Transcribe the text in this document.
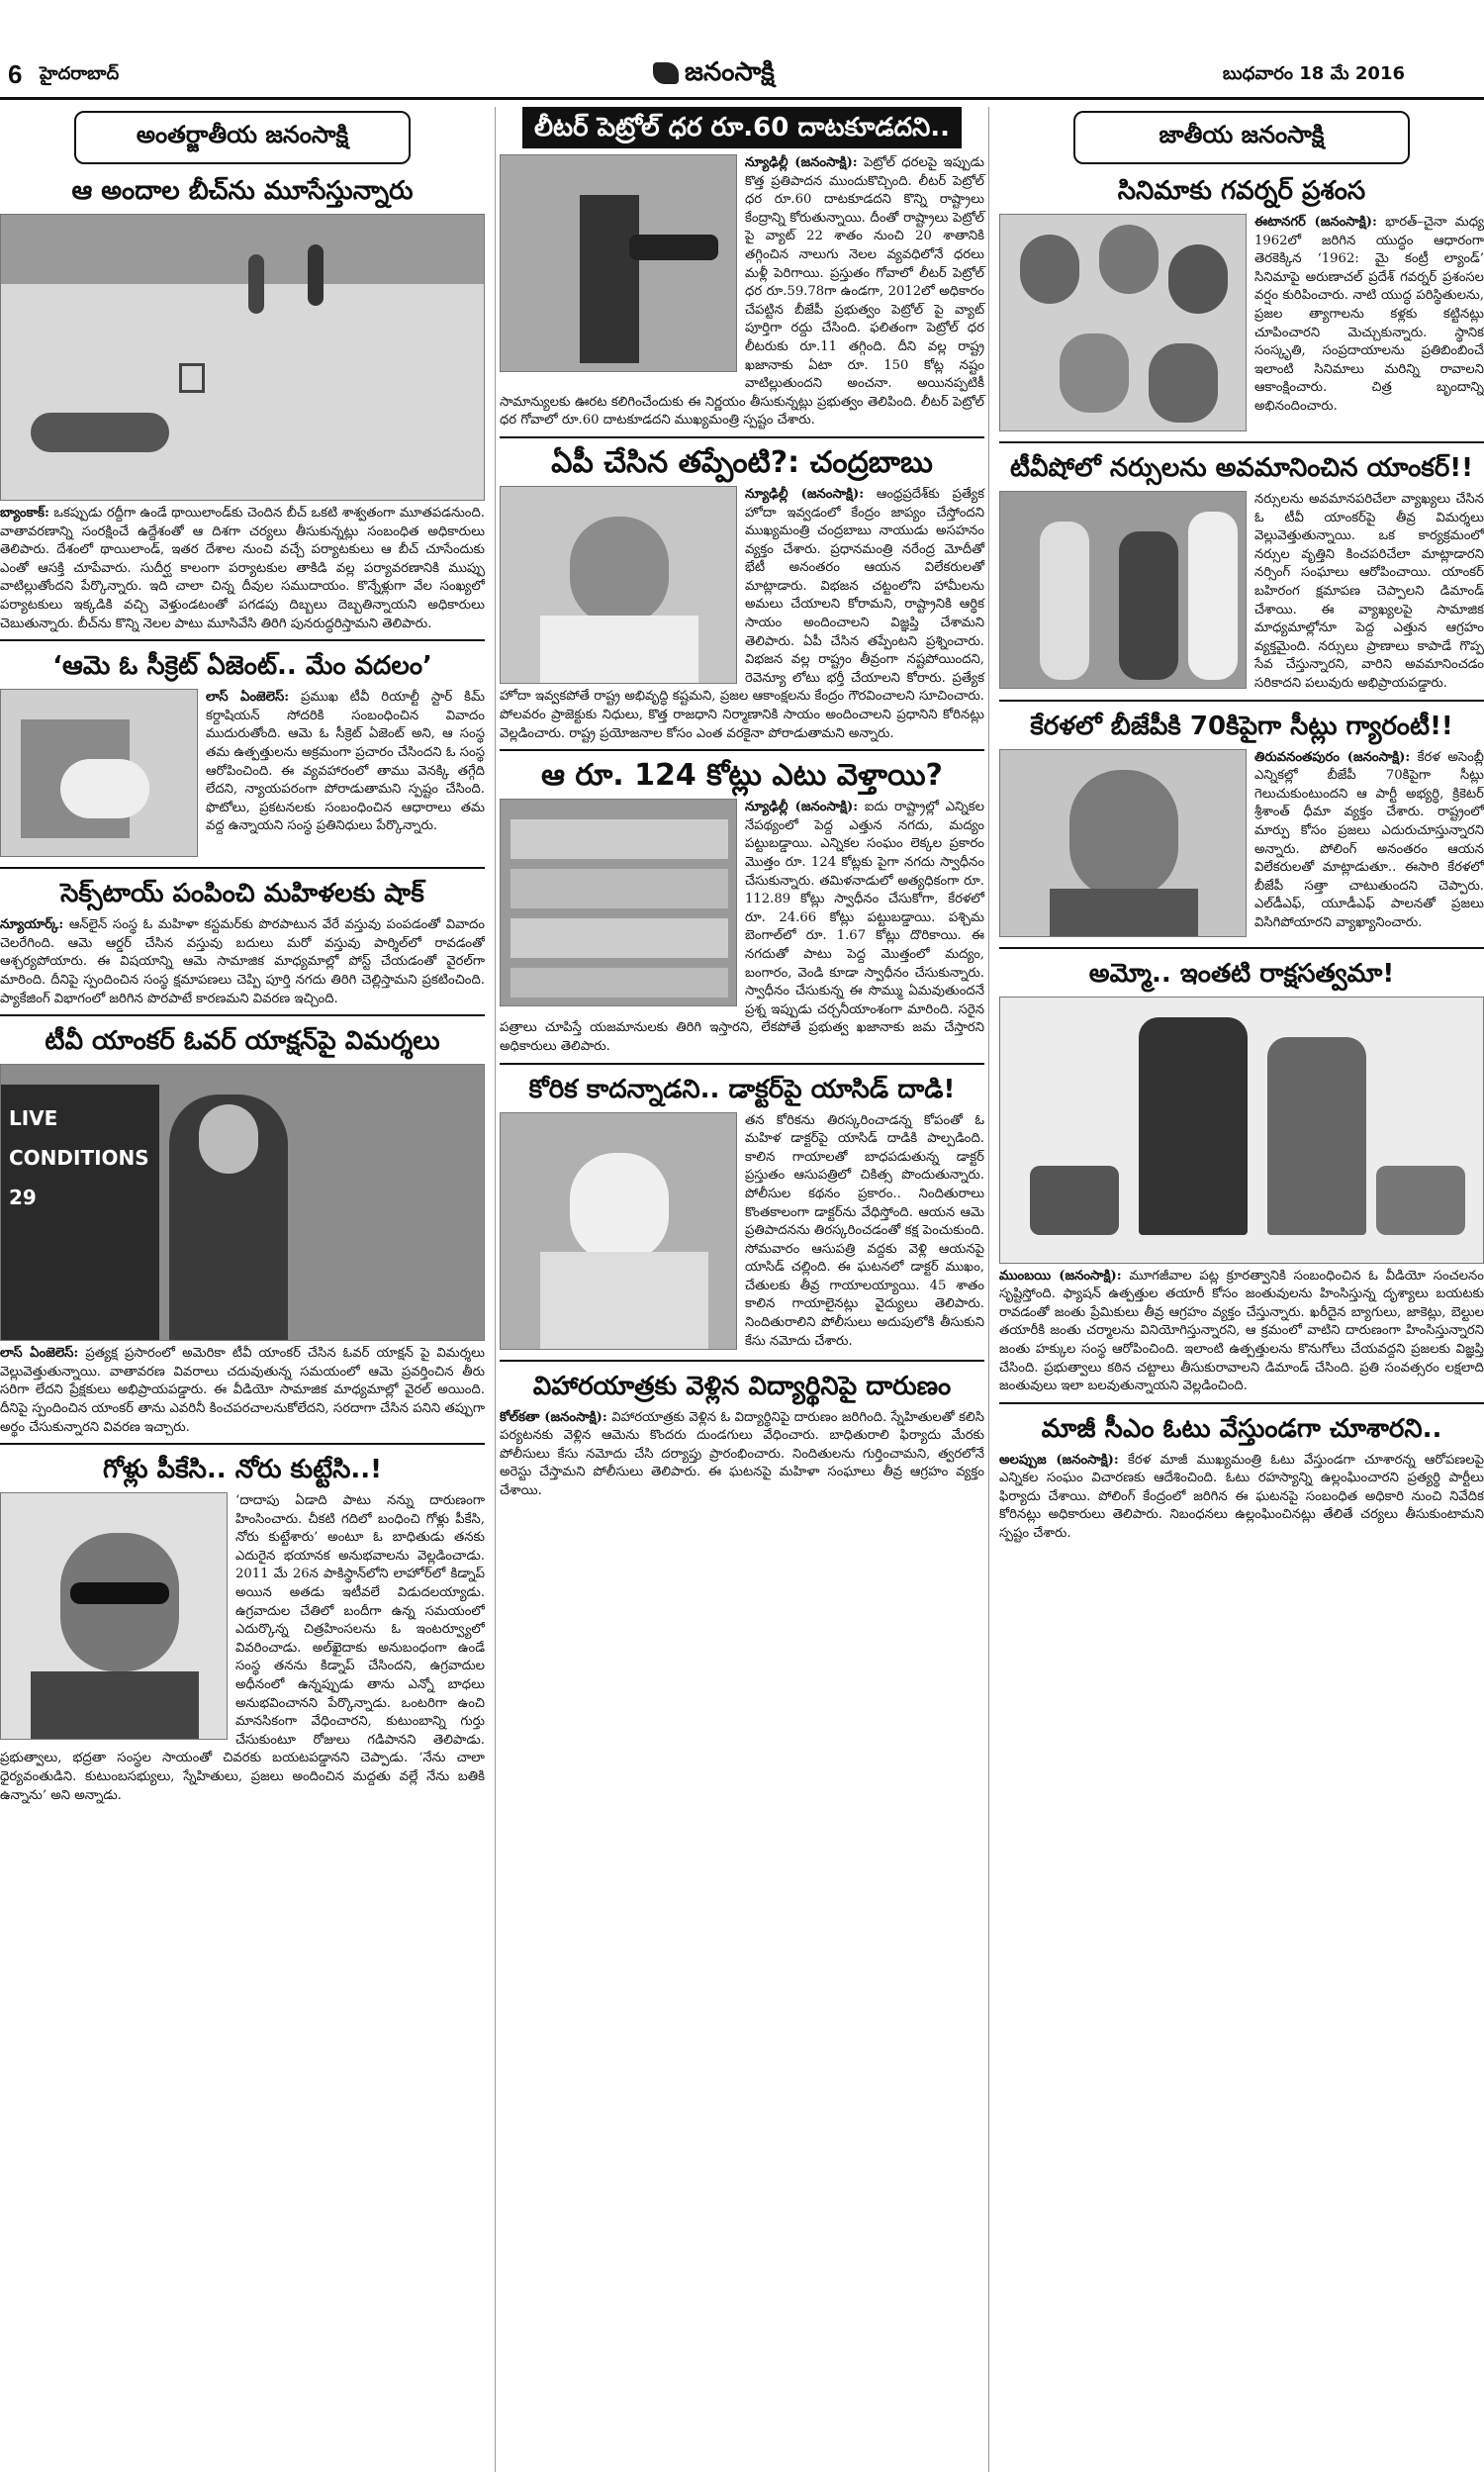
6 హైదరాబాద్	జనంసాక్షి	బుధవారం 18 మే 2016
అంతర్జాతీయ జనంసాక్షి
ఆ అందాల బీచ్‌ను మూసేస్తున్నారు
బ్యాంకాక్‌: ఒకప్పుడు రద్దీగా ఉండే థాయిలాండ్‌కు చెందిన బీచ్‌ ఒకటి శాశ్వతంగా మూతపడనుంది. వాతావరణాన్ని సంరక్షించే ఉద్దేశంతో ఆ దిశగా చర్యలు తీసుకున్నట్లు సంబంధిత అధికారులు తెలిపారు. దేశంలో థాయిలాండ్‌, ఇతర దేశాల నుంచి వచ్చే పర్యాటకులు ఆ బీచ్‌ చూసేందుకు ఎంతో ఆసక్తి చూపేవారు. సుదీర్ఘ కాలంగా పర్యాటకుల తాకిడి వల్ల పర్యావరణానికి ముప్పు వాటిల్లుతోందని పేర్కొన్నారు. ఇది చాలా చిన్న దీవుల సముదాయం. కొన్నేళ్లుగా వేల సంఖ్యలో పర్యాటకులు ఇక్కడికి వచ్చి వెళ్తుండటంతో పగడపు దిబ్బలు దెబ్బతిన్నాయని అధికారులు చెబుతున్నారు. బీచ్‌ను కొన్ని నెలల పాటు మూసివేసి తిరిగి పునరుద్ధరిస్తామని తెలిపారు.
‘ఆమె ఓ సీక్రెట్‌ ఏజెంట్‌.. మేం వదలం’
లాస్‌ ఏంజెలెస్‌: ప్రముఖ టీవీ రియాల్టీ స్టార్‌ కిమ్‌ కర్దాషియన్‌ సోదరికి సంబంధించిన వివాదం ముదురుతోంది. ఆమె ఓ సీక్రెట్‌ ఏజెంట్‌ అని, ఆ సంస్థ తమ ఉత్పత్తులను అక్రమంగా ప్రచారం చేసిందని ఓ సంస్థ ఆరోపించింది. ఈ వ్యవహారంలో తాము వెనక్కి తగ్గేది లేదని, న్యాయపరంగా పోరాడుతామని స్పష్టం చేసింది. ఫొటోలు, ప్రకటనలకు సంబంధించిన ఆధారాలు తమ వద్ద ఉన్నాయని సంస్థ ప్రతినిధులు పేర్కొన్నారు.
సెక్స్‌టాయ్‌ పంపించి మహిళలకు షాక్‌
న్యూయార్క్‌: ఆన్‌లైన్‌ సంస్థ ఓ మహిళా కస్టమర్‌కు పొరపాటున వేరే వస్తువు పంపడంతో వివాదం చెలరేగింది. ఆమె ఆర్డర్‌ చేసిన వస్తువు బదులు మరో వస్తువు పార్శిల్‌లో రావడంతో ఆశ్చర్యపోయారు. ఈ విషయాన్ని ఆమె సామాజిక మాధ్యమాల్లో పోస్ట్‌ చేయడంతో వైరల్‌గా మారింది. దీనిపై స్పందించిన సంస్థ క్షమాపణలు చెప్పి పూర్తి నగదు తిరిగి చెల్లిస్తామని ప్రకటించింది. ప్యాకేజింగ్‌ విభాగంలో జరిగిన పొరపాటే కారణమని వివరణ ఇచ్చింది.
టీవీ యాంకర్‌ ఓవర్‌ యాక్షన్‌పై విమర్శలు
LIVE CONDITIONS 29
లాస్‌ ఏంజెలెస్‌: ప్రత్యక్ష ప్రసారంలో అమెరికా టీవీ యాంకర్‌ చేసిన ఓవర్‌ యాక్షన్‌ పై విమర్శలు వెల్లువెత్తుతున్నాయి. వాతావరణ వివరాలు చదువుతున్న సమయంలో ఆమె ప్రవర్తించిన తీరు సరిగా లేదని ప్రేక్షకులు అభిప్రాయపడ్డారు. ఈ వీడియో సామాజిక మాధ్యమాల్లో వైరల్‌ అయింది. దీనిపై స్పందించిన యాంకర్‌ తాను ఎవరినీ కించపరచాలనుకోలేదని, సరదాగా చేసిన పనిని తప్పుగా అర్థం చేసుకున్నారని వివరణ ఇచ్చారు.
గోళ్లు పీకేసి.. నోరు కుట్టేసి..!
‘దాదాపు ఏడాది పాటు నన్ను దారుణంగా హింసించారు. చీకటి గదిలో బంధించి గోళ్లు పీకేసి, నోరు కుట్టేశారు’ అంటూ ఓ బాధితుడు తనకు ఎదురైన భయానక అనుభవాలను వెల్లడించాడు. 2011 మే 26న పాకిస్థాన్‌లోని లాహోర్‌లో కిడ్నాప్‌ అయిన అతడు ఇటీవలే విడుదలయ్యాడు. ఉగ్రవాదుల చేతిలో బందీగా ఉన్న సమయంలో ఎదుర్కొన్న చిత్రహింసలను ఓ ఇంటర్వ్యూలో వివరించాడు. అల్‌ఖైదాకు అనుబంధంగా ఉండే సంస్థ తనను కిడ్నాప్‌ చేసిందని, ఉగ్రవాదుల అధీనంలో ఉన్నప్పుడు తాను ఎన్నో బాధలు అనుభవించానని పేర్కొన్నాడు. ఒంటరిగా ఉంచి మానసికంగా వేధించారని, కుటుంబాన్ని గుర్తు చేసుకుంటూ రోజులు గడిపానని తెలిపాడు. ప్రభుత్వాలు, భద్రతా సంస్థల సాయంతో చివరకు బయటపడ్డానని చెప్పాడు. ‘నేను చాలా ధైర్యవంతుడిని. కుటుంబసభ్యులు, స్నేహితులు, ప్రజలు అందించిన మద్దతు వల్లే నేను బతికి ఉన్నాను’ అని అన్నాడు.
లీటర్‌ పెట్రోల్‌ ధర రూ.60 దాటకూడదని..
న్యూఢిల్లీ (జనంసాక్షి): పెట్రోల్‌ ధరలపై ఇప్పుడు కొత్త ప్రతిపాదన ముందుకొచ్చింది. లీటర్‌ పెట్రోల్‌ ధర రూ.60 దాటకూడదని కొన్ని రాష్ట్రాలు కేంద్రాన్ని కోరుతున్నాయి. దీంతో రాష్ట్రాలు పెట్రోల్‌ పై వ్యాట్‌ 22 శాతం నుంచి 20 శాతానికి తగ్గించిన నాలుగు నెలల వ్యవధిలోనే ధరలు మళ్లీ పెరిగాయి. ప్రస్తుతం గోవాలో లీటర్‌ పెట్రోల్‌ ధర రూ.59.78గా ఉండగా, 2012లో అధికారం చేపట్టిన బీజేపీ ప్రభుత్వం పెట్రోల్‌ పై వ్యాట్‌ పూర్తిగా రద్దు చేసింది. ఫలితంగా పెట్రోల్‌ ధర లీటరుకు రూ.11 తగ్గింది. దీని వల్ల రాష్ట్ర ఖజానాకు ఏటా రూ. 150 కోట్ల నష్టం వాటిల్లుతుందని అంచనా. అయినప్పటికీ సామాన్యులకు ఊరట కలిగించేందుకు ఈ నిర్ణయం తీసుకున్నట్లు ప్రభుత్వం తెలిపింది. లీటర్‌ పెట్రోల్‌ ధర గోవాలో రూ.60 దాటకూడదని ముఖ్యమంత్రి స్పష్టం చేశారు.
ఏపీ చేసిన తప్పేంటి?: చంద్రబాబు
న్యూఢిల్లీ (జనంసాక్షి): ఆంధ్రప్రదేశ్‌కు ప్రత్యేక హోదా ఇవ్వడంలో కేంద్రం జాప్యం చేస్తోందని ముఖ్యమంత్రి చంద్రబాబు నాయుడు అసహనం వ్యక్తం చేశారు. ప్రధానమంత్రి నరేంద్ర మోదీతో భేటీ అనంతరం ఆయన విలేకరులతో మాట్లాడారు. విభజన చట్టంలోని హామీలను అమలు చేయాలని కోరామని, రాష్ట్రానికి ఆర్థిక సాయం అందించాలని విజ్ఞప్తి చేశామని తెలిపారు. ఏపీ చేసిన తప్పేంటని ప్రశ్నించారు. విభజన వల్ల రాష్ట్రం తీవ్రంగా నష్టపోయిందని, రెవెన్యూ లోటు భర్తీ చేయాలని కోరారు. ప్రత్యేక హోదా ఇవ్వకపోతే రాష్ట్ర అభివృద్ధి కష్టమని, ప్రజల ఆకాంక్షలను కేంద్రం గౌరవించాలని సూచించారు. పోలవరం ప్రాజెక్టుకు నిధులు, కొత్త రాజధాని నిర్మాణానికి సాయం అందించాలని ప్రధానిని కోరినట్లు వెల్లడించారు. రాష్ట్ర ప్రయోజనాల కోసం ఎంత వరకైనా పోరాడుతామని అన్నారు.
ఆ రూ. 124 కోట్లు ఎటు వెళ్తాయి?
న్యూఢిల్లీ (జనంసాక్షి): ఐదు రాష్ట్రాల్లో ఎన్నికల నేపథ్యంలో పెద్ద ఎత్తున నగదు, మద్యం పట్టుబడ్డాయి. ఎన్నికల సంఘం లెక్కల ప్రకారం మొత్తం రూ. 124 కోట్లకు పైగా నగదు స్వాధీనం చేసుకున్నారు. తమిళనాడులో అత్యధికంగా రూ. 112.89 కోట్లు స్వాధీనం చేసుకోగా, కేరళలో రూ. 24.66 కోట్లు పట్టుబడ్డాయి. పశ్చిమ బెంగాల్‌లో రూ. 1.67 కోట్లు దొరికాయి. ఈ నగదుతో పాటు పెద్ద మొత్తంలో మద్యం, బంగారం, వెండి కూడా స్వాధీనం చేసుకున్నారు. స్వాధీనం చేసుకున్న ఈ సొమ్ము ఏమవుతుందనే ప్రశ్న ఇప్పుడు చర్చనీయాంశంగా మారింది. సరైన పత్రాలు చూపిస్తే యజమానులకు తిరిగి ఇస్తారని, లేకపోతే ప్రభుత్వ ఖజానాకు జమ చేస్తారని అధికారులు తెలిపారు.
కోరిక కాదన్నాడని.. డాక్టర్‌పై యాసిడ్‌ దాడి!
తన కోరికను తిరస్కరించాడన్న కోపంతో ఓ మహిళ డాక్టర్‌పై యాసిడ్‌ దాడికి పాల్పడింది. కాలిన గాయాలతో బాధపడుతున్న డాక్టర్‌ ప్రస్తుతం ఆసుపత్రిలో చికిత్స పొందుతున్నారు. పోలీసుల కథనం ప్రకారం.. నిందితురాలు కొంతకాలంగా డాక్టర్‌ను వేధిస్తోంది. ఆయన ఆమె ప్రతిపాదనను తిరస్కరించడంతో కక్ష పెంచుకుంది. సోమవారం ఆసుపత్రి వద్దకు వెళ్లి ఆయనపై యాసిడ్‌ చల్లింది. ఈ ఘటనలో డాక్టర్‌ ముఖం, చేతులకు తీవ్ర గాయాలయ్యాయి. 45 శాతం కాలిన గాయాలైనట్లు వైద్యులు తెలిపారు. నిందితురాలిని పోలీసులు అదుపులోకి తీసుకుని కేసు నమోదు చేశారు.
విహారయాత్రకు వెళ్లిన విద్యార్థినిపై దారుణం
కోల్‌కతా (జనంసాక్షి): విహారయాత్రకు వెళ్లిన ఓ విద్యార్థినిపై దారుణం జరిగింది. స్నేహితులతో కలిసి పర్యటనకు వెళ్లిన ఆమెను కొందరు దుండగులు వేధించారు. బాధితురాలి ఫిర్యాదు మేరకు పోలీసులు కేసు నమోదు చేసి దర్యాప్తు ప్రారంభించారు. నిందితులను గుర్తించామని, త్వరలోనే అరెస్టు చేస్తామని పోలీసులు తెలిపారు. ఈ ఘటనపై మహిళా సంఘాలు తీవ్ర ఆగ్రహం వ్యక్తం చేశాయి.
జాతీయ జనంసాక్షి
సినిమాకు గవర్నర్‌ ప్రశంస
ఈటానగర్‌ (జనంసాక్షి): భారత్‌–చైనా మధ్య 1962లో జరిగిన యుద్ధం ఆధారంగా తెరకెక్కిన ‘1962: మై కంట్రీ ల్యాండ్‌’ సినిమాపై అరుణాచల్‌ ప్రదేశ్‌ గవర్నర్‌ ప్రశంసల వర్షం కురిపించారు. నాటి యుద్ధ పరిస్థితులను, ప్రజల త్యాగాలను కళ్లకు కట్టినట్లు చూపించారని మెచ్చుకున్నారు. స్థానిక సంస్కృతి, సంప్రదాయాలను ప్రతిబింబించే ఇలాంటి సినిమాలు మరిన్ని రావాలని ఆకాంక్షించారు. చిత్ర బృందాన్ని అభినందించారు.
టీవీషోలో నర్సులను అవమానించిన యాంకర్‌!!
నర్సులను అవమానపరిచేలా వ్యాఖ్యలు చేసిన ఓ టీవీ యాంకర్‌పై తీవ్ర విమర్శలు వెల్లువెత్తుతున్నాయి. ఒక కార్యక్రమంలో నర్సుల వృత్తిని కించపరిచేలా మాట్లాడారని నర్సింగ్‌ సంఘాలు ఆరోపించాయి. యాంకర్‌ బహిరంగ క్షమాపణ చెప్పాలని డిమాండ్‌ చేశాయి. ఈ వ్యాఖ్యలపై సామాజిక మాధ్యమాల్లోనూ పెద్ద ఎత్తున ఆగ్రహం వ్యక్తమైంది. నర్సులు ప్రాణాలు కాపాడే గొప్ప సేవ చేస్తున్నారని, వారిని అవమానించడం సరికాదని పలువురు అభిప్రాయపడ్డారు.
కేరళలో బీజేపీకి 70కిపైగా సీట్లు గ్యారంటీ!!
తిరువనంతపురం (జనంసాక్షి): కేరళ అసెంబ్లీ ఎన్నికల్లో బీజేపీ 70కిపైగా సీట్లు గెలుచుకుంటుందని ఆ పార్టీ అభ్యర్థి, క్రికెటర్‌ శ్రీశాంత్‌ ధీమా వ్యక్తం చేశారు. రాష్ట్రంలో మార్పు కోసం ప్రజలు ఎదురుచూస్తున్నారని అన్నారు. పోలింగ్‌ అనంతరం ఆయన విలేకరులతో మాట్లాడుతూ.. ఈసారి కేరళలో బీజేపీ సత్తా చాటుతుందని చెప్పారు. ఎల్‌డీఎఫ్‌, యూడీఎఫ్‌ పాలనతో ప్రజలు విసిగిపోయారని వ్యాఖ్యానించారు.
అమ్మో.. ఇంతటి రాక్షసత్వమా!
ముంబయి (జనంసాక్షి): మూగజీవాల పట్ల క్రూరత్వానికి సంబంధించిన ఓ వీడియో సంచలనం సృష్టిస్తోంది. ఫ్యాషన్‌ ఉత్పత్తుల తయారీ కోసం జంతువులను హింసిస్తున్న దృశ్యాలు బయటకు రావడంతో జంతు ప్రేమికులు తీవ్ర ఆగ్రహం వ్యక్తం చేస్తున్నారు. ఖరీదైన బ్యాగులు, జాకెట్లు, బెల్టుల తయారీకి జంతు చర్మాలను వినియోగిస్తున్నారని, ఆ క్రమంలో వాటిని దారుణంగా హింసిస్తున్నారని జంతు హక్కుల సంస్థ ఆరోపించింది. ఇలాంటి ఉత్పత్తులను కొనుగోలు చేయవద్దని ప్రజలకు విజ్ఞప్తి చేసింది. ప్రభుత్వాలు కఠిన చట్టాలు తీసుకురావాలని డిమాండ్‌ చేసింది. ప్రతి సంవత్సరం లక్షలాది జంతువులు ఇలా బలవుతున్నాయని వెల్లడించింది.
మాజీ సీఎం ఓటు వేస్తుండగా చూశారని..
అలప్పుజ (జనంసాక్షి): కేరళ మాజీ ముఖ్యమంత్రి ఓటు వేస్తుండగా చూశారన్న ఆరోపణలపై ఎన్నికల సంఘం విచారణకు ఆదేశించింది. ఓటు రహస్యాన్ని ఉల్లంఘించారని ప్రత్యర్థి పార్టీలు ఫిర్యాదు చేశాయి. పోలింగ్‌ కేంద్రంలో జరిగిన ఈ ఘటనపై సంబంధిత అధికారి నుంచి నివేదిక కోరినట్లు అధికారులు తెలిపారు. నిబంధనలు ఉల్లంఘించినట్లు తేలితే చర్యలు తీసుకుంటామని స్పష్టం చేశారు.
